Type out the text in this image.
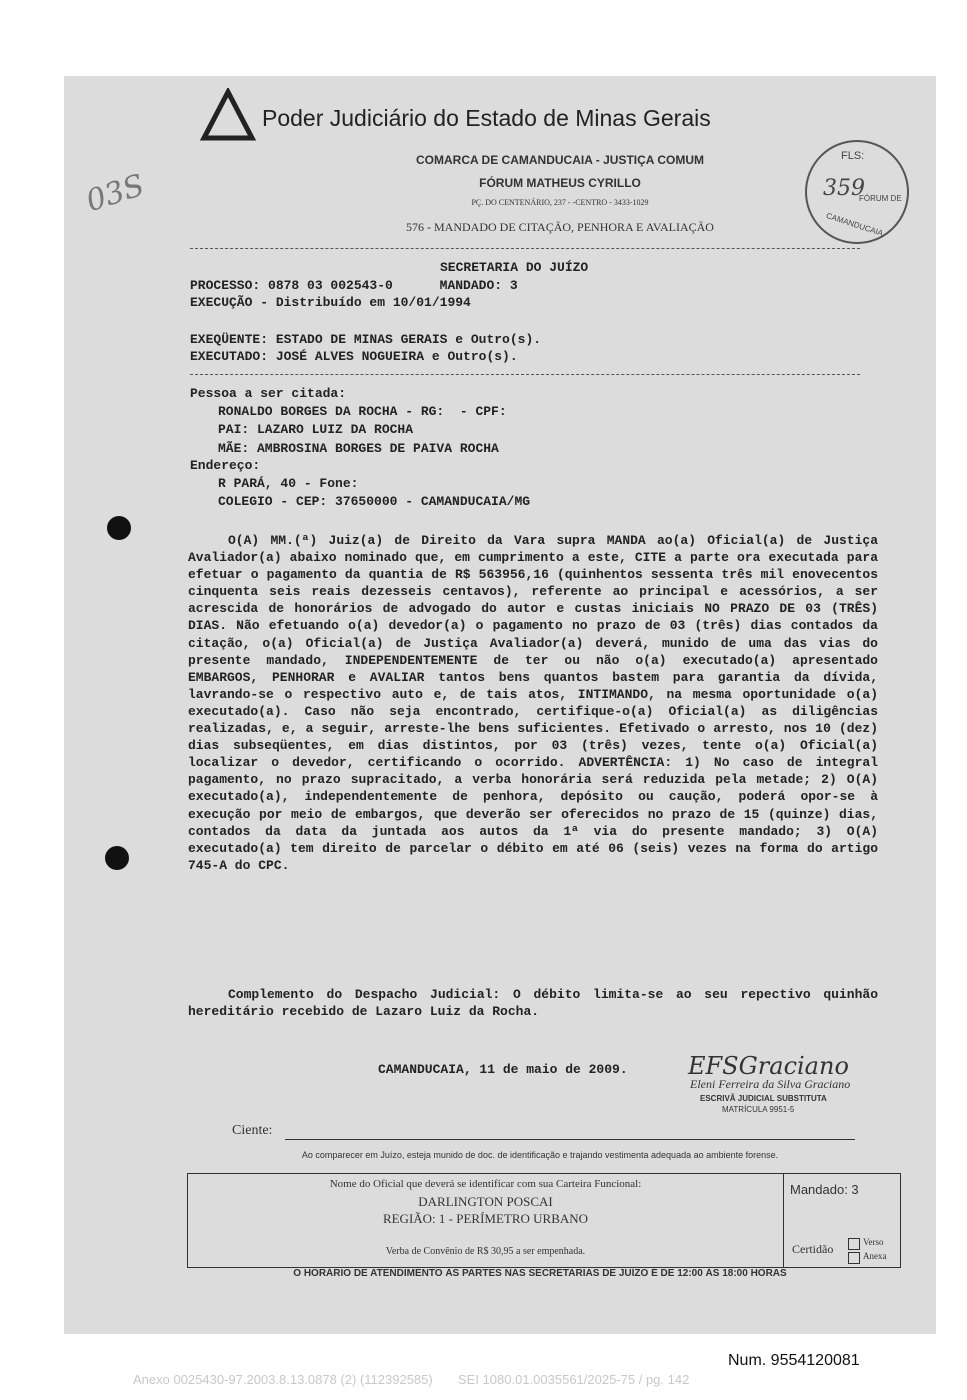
03S
Poder Judiciário do Estado de Minas Gerais
COMARCA DE CAMANDUCAIA - JUSTIÇA COMUM
FÓRUM MATHEUS CYRILLO
PÇ. DO CENTENÁRIO, 237 - -CENTRO - 3433-1029
576 - MANDADO DE CITAÇÃO, PENHORA E AVALIAÇÃO
FLS:
359
FÓRUM DE
CAMANDUCAIA
SECRETARIA DO JUÍZO
PROCESSO: 0878 03 002543-0      MANDADO: 3
EXECUÇÃO - Distribuído em 10/01/1994
EXEQÜENTE: ESTADO DE MINAS GERAIS e Outro(s).
EXECUTADO: JOSÉ ALVES NOGUEIRA e Outro(s).
Pessoa a ser citada:
RONALDO BORGES DA ROCHA - RG:  - CPF:
PAI: LAZARO LUIZ DA ROCHA
MÃE: AMBROSINA BORGES DE PAIVA ROCHA
Endereço:
R PARÁ, 40 - Fone:
COLEGIO - CEP: 37650000 - CAMANDUCAIA/MG

O(A) MM.(ª) Juiz(a) de Direito da Vara supra MANDA ao(a) Oficial(a) de Justiça Avaliador(a) abaixo nominado que, em cumprimento a este, CITE a parte ora executada para efetuar o pagamento da quantia de R$ 563956,16 (quinhentos sessenta três mil enovecentos cinquenta seis reais dezesseis centavos), referente ao principal e acessórios, a ser acrescida de honorários de advogado do autor e custas iniciais NO PRAZO DE 03 (TRÊS) DIAS. Não efetuando o(a) devedor(a) o pagamento no prazo de 03 (três) dias contados da citação, o(a) Oficial(a) de Justiça Avaliador(a) deverá, munido de uma das vias do presente mandado, INDEPENDENTEMENTE de ter ou não o(a) executado(a) apresentado EMBARGOS, PENHORAR e AVALIAR tantos bens quantos bastem para garantia da dívida, lavrando-se o respectivo auto e, de tais atos, INTIMANDO, na mesma oportunidade o(a) executado(a). Caso não seja encontrado, certifique-o(a) Oficial(a) as diligências realizadas, e, a seguir, arreste-lhe bens suficientes. Efetivado o arresto, nos 10 (dez) dias subseqüentes, em dias distintos, por 03 (três) vezes, tente o(a) Oficial(a) localizar o devedor, certificando o ocorrido. ADVERTÊNCIA: 1) No caso de integral pagamento, no prazo supracitado, a verba honorária será reduzida pela metade; 2) O(A) executado(a), independentemente de penhora, depósito ou caução, poderá opor-se à execução por meio de embargos, que deverão ser oferecidos no prazo de 15 (quinze) dias, contados da data da juntada aos autos da 1ª via do presente mandado; 3) O(A) executado(a) tem direito de parcelar o débito em até 06 (seis) vezes na forma do artigo 745-A do CPC.

Complemento do Despacho Judicial: O débito limita-se ao seu repectivo quinhão hereditário recebido de Lazaro Luiz da Rocha.
CAMANDUCAIA, 11 de maio de 2009.	EFSGraciano
Eleni Ferreira da Silva Graciano
ESCRIVÃ JUDICIAL SUBSTITUTA
MATRÍCULA 9951-5
Ciente:
Ao comparecer em Juízo, esteja munido de doc. de identificação e trajando vestimenta adequada ao ambiente forense.
Nome do Oficial que deverá se identificar com sua Carteira Funcional:
DARLINGTON POSCAI
REGIÃO: 1 - PERÍMETRO URBANO
Verba de Convênio de R$ 30,95 a ser empenhada.
Mandado: 3
Certidão	Verso
Anexa
O HORÁRIO DE ATENDIMENTO ÀS PARTES NAS SECRETARIAS DE JUÍZO É DE 12:00 ÀS 18:00 HORAS
Num. 9554120081
Anexo 0025430-97.2003.8.13.0878 (2) (112392585)       SEI 1080.01.0035561/2025-75 / pg. 142
